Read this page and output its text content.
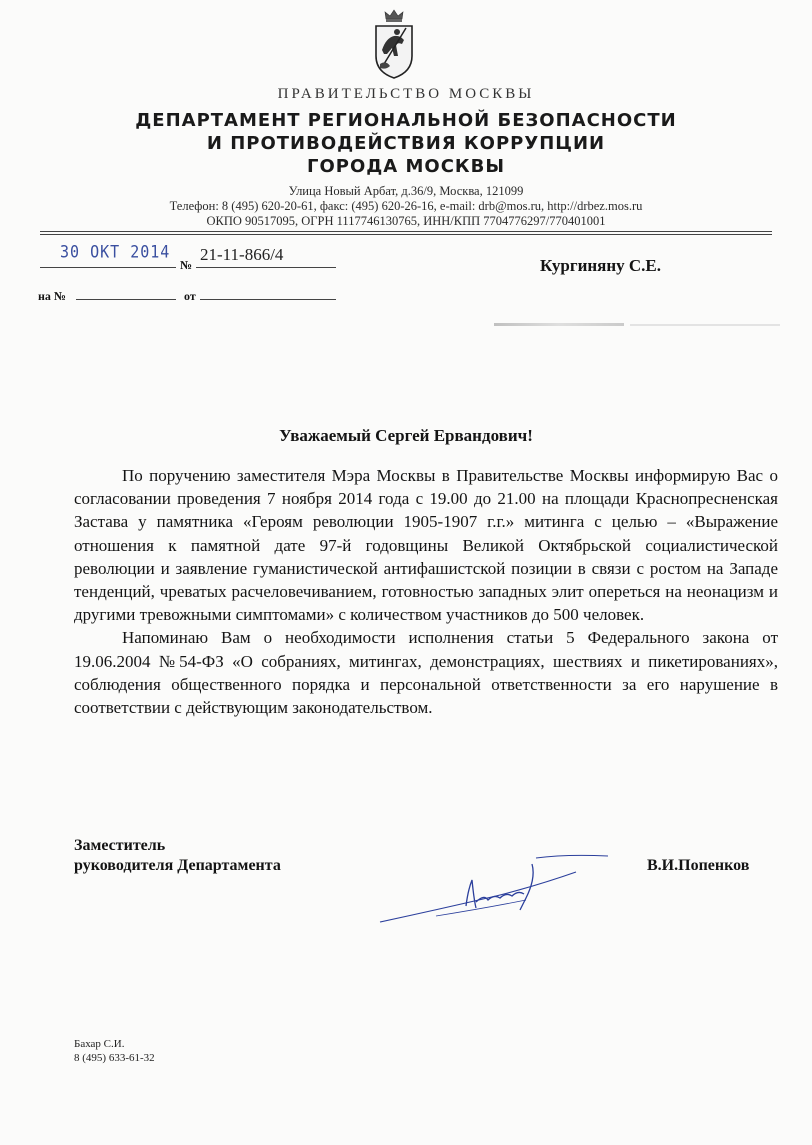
ПРАВИТЕЛЬСТВО МОСКВЫ
ДЕПАРТАМЕНТ РЕГИОНАЛЬНОЙ БЕЗОПАСНОСТИ
И ПРОТИВОДЕЙСТВИЯ КОРРУПЦИИ
ГОРОДА МОСКВЫ
Улица Новый Арбат, д.36/9, Москва, 121099
Телефон: 8 (495) 620-20-61, факс: (495) 620-26-16, e-mail: drb@mos.ru, http://drbez.mos.ru
ОКПО 90517095, ОГРН 1117746130765, ИНН/КПП 7704776297/770401001
30 ОКТ 2014
№
21-11-866/4
на №	от
Кургиняну С.Е.
Уважаемый Сергей Ервандович!

По поручению заместителя Мэра Москвы в Правительстве Москвы информирую Вас о согласовании проведения 7 ноября 2014 года с 19.00 до 21.00 на площади Краснопресненская Застава у памятника «Героям революции 1905-1907 г.г.» митинга с целью – «Выражение отношения к памятной дате 97-й годовщины Великой Октябрьской социалистической революции и заявление гуманистической антифашистской позиции в связи с ростом на Западе тенденций, чреватых расчеловечиванием, готовностью западных элит опереться на неонацизм и другими тревожными симптомами» с количеством участников до 500 человек.

Напоминаю Вам о необходимости исполнения статьи 5 Федерального закона от 19.06.2004 №54-ФЗ «О собраниях, митингах, демонстрациях, шествиях и пикетированиях», соблюдения общественного порядка и персональной ответственности за его нарушение в соответствии с действующим законодательством.

Заместитель
руководителя Департамента	В.И.Попенков
Бахар С.И.
8 (495) 633-61-32
